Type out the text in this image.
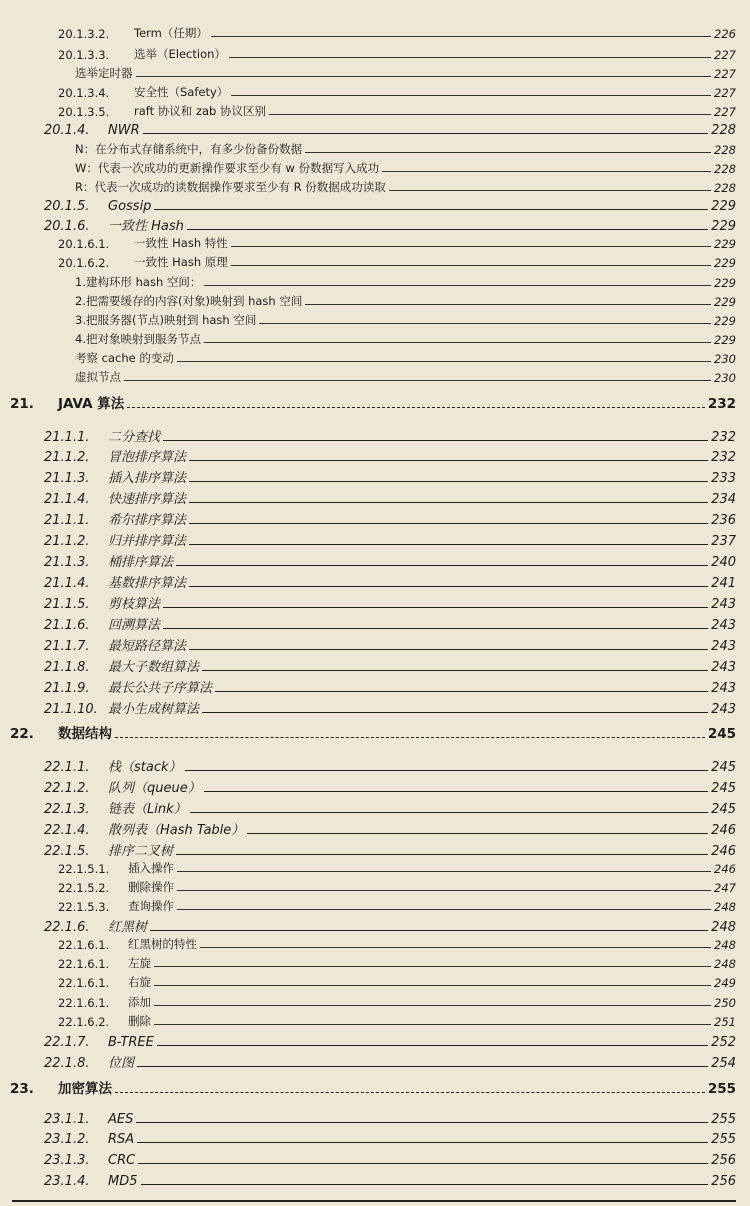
20.1.3.2.	Term（任期）	226
20.1.3.3.	选举（Election）	227
选举定时器	227
20.1.3.4.	安全性（Safety）	227
20.1.3.5.	raft 协议和 zab 协议区别	227
20.1.4.	NWR	228
N：在分布式存储系统中，有多少份备份数据	228
W：代表一次成功的更新操作要求至少有 w 份数据写入成功	228
R：代表一次成功的读数据操作要求至少有 R 份数据成功读取	228
20.1.5.	Gossip	229
20.1.6.	一致性 Hash	229
20.1.6.1.	一致性 Hash 特性	229
20.1.6.2.	一致性 Hash 原理	229
1.建构环形 hash 空间：	229
2.把需要缓存的内容(对象)映射到 hash 空间	229
3.把服务器(节点)映射到 hash 空间	229
4.把对象映射到服务节点	229
考察 cache 的变动	230
虚拟节点	230
21.	JAVA 算法	232
21.1.1.	二分查找	232
21.1.2.	冒泡排序算法	232
21.1.3.	插入排序算法	233
21.1.4.	快速排序算法	234
21.1.1.	希尔排序算法	236
21.1.2.	归并排序算法	237
21.1.3.	桶排序算法	240
21.1.4.	基数排序算法	241
21.1.5.	剪枝算法	243
21.1.6.	回溯算法	243
21.1.7.	最短路径算法	243
21.1.8.	最大子数组算法	243
21.1.9.	最长公共子序算法	243
21.1.10. 最小生成树算法	243
22.	数据结构	245
22.1.1.	栈（stack）	245
22.1.2.	队列（queue）	245
22.1.3.	链表（Link）	245
22.1.4.	散列表（Hash Table）	246
22.1.5.	排序二叉树	246
22.1.5.1.	插入操作	246
22.1.5.2.	删除操作	247
22.1.5.3.	查询操作	248
22.1.6.	红黑树	248
22.1.6.1.	红黑树的特性	248
22.1.6.1.	左旋	248
22.1.6.1.	右旋	249
22.1.6.1.	添加	250
22.1.6.2.	删除	251
22.1.7.	B-TREE	252
22.1.8.	位图	254
23.	加密算法	255
23.1.1.	AES	255
23.1.2.	RSA	255
23.1.3.	CRC	256
23.1.4.	MD5	256
